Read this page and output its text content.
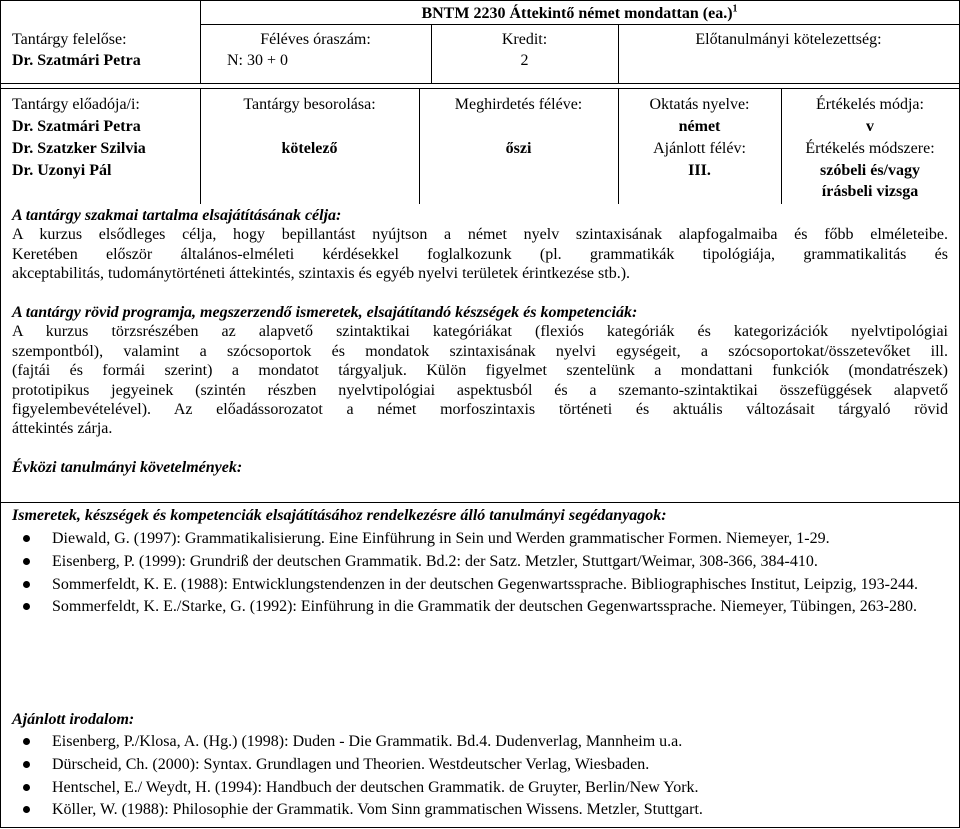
BNTM 2230 Áttekintő német mondattan $(ea.)^1$
Tantárgy felelőse:
Dr. Szatmári Petra
Féléves óraszám:
N: 30 + 0
Kredit:
2
Előtanulmányi kötelezettség:
Tantárgy előadója/i:
Dr. Szatmári Petra
Dr. Szatzker Szilvia
Dr. Uzonyi Pál
Tantárgy besorolása:
kötelező
Meghirdetés féléve:
őszi
Oktatás nyelve:
német
Ajánlott félév:
III.
Értékelés módja:
v
Értékelés módszere:
szóbeli és/vagy
írásbeli vizsga
A tantárgy szakmai tartalma elsajátításának célja:
A kurzus elsődleges célja, hogy bepillantást nyújtson a német nyelv szintaxisának alapfogalmaiba és főbb elméleteibe.
Keretében először általános-elméleti kérdésekkel foglalkozunk (pl. grammatikák tipológiája, grammatikalitás és
akceptabilitás, tudománytörténeti áttekintés, szintaxis és egyéb nyelvi területek érintkezése stb.).
A tantárgy rövid programja, megszerzendő ismeretek, elsajátítandó készségek és kompetenciák:
A kurzus törzsrészében az alapvető szintaktikai kategóriákat (flexiós kategóriák és kategorizációk nyelvtipológiai
szempontból), valamint a szócsoportok és mondatok szintaxisának nyelvi egységeit, a szócsoportokat/összetevőket ill.
(fajtái és formái szerint) a mondatot tárgyaljuk. Külön figyelmet szentelünk a mondattani funkciók (mondatrészek)
prototipikus jegyeinek (szintén részben nyelvtipológiai aspektusból és a szemanto-szintaktikai összefüggések alapvető
figyelembevételével). Az előadássorozatot a német morfoszintaxis történeti és aktuális változásait tárgyaló rövid
áttekintés zárja.
Évközi tanulmányi követelmények:
Ismeretek, készségek és kompetenciák elsajátításához rendelkezésre álló tanulmányi segédanyagok:
Diewald, G. (1997): Grammatikalisierung. Eine Einführung in Sein und Werden grammatischer Formen. Niemeyer, 1-29.
Eisenberg, P. (1999): Grundriß der deutschen Grammatik. Bd.2: der Satz. Metzler, Stuttgart/Weimar, 308-366, 384-410.
Sommerfeldt, K. E. (1988): Entwicklungstendenzen in der deutschen Gegenwartssprache. Bibliographisches Institut, Leipzig, 193-244.
Sommerfeldt, K. E./Starke, G. (1992): Einführung in die Grammatik der deutschen Gegenwartssprache. Niemeyer, Tübingen, 263-280.
Ajánlott irodalom:
Eisenberg, P./Klosa, A. (Hg.) (1998): Duden - Die Grammatik. Bd.4. Dudenverlag, Mannheim u.a.
Dürscheid, Ch. (2000): Syntax. Grundlagen und Theorien. Westdeutscher Verlag, Wiesbaden.
Hentschel, E./ Weydt, H. (1994): Handbuch der deutschen Grammatik. de Gruyter, Berlin/New York.
Köller, W. (1988): Philosophie der Grammatik. Vom Sinn grammatischen Wissens. Metzler, Stuttgart.
